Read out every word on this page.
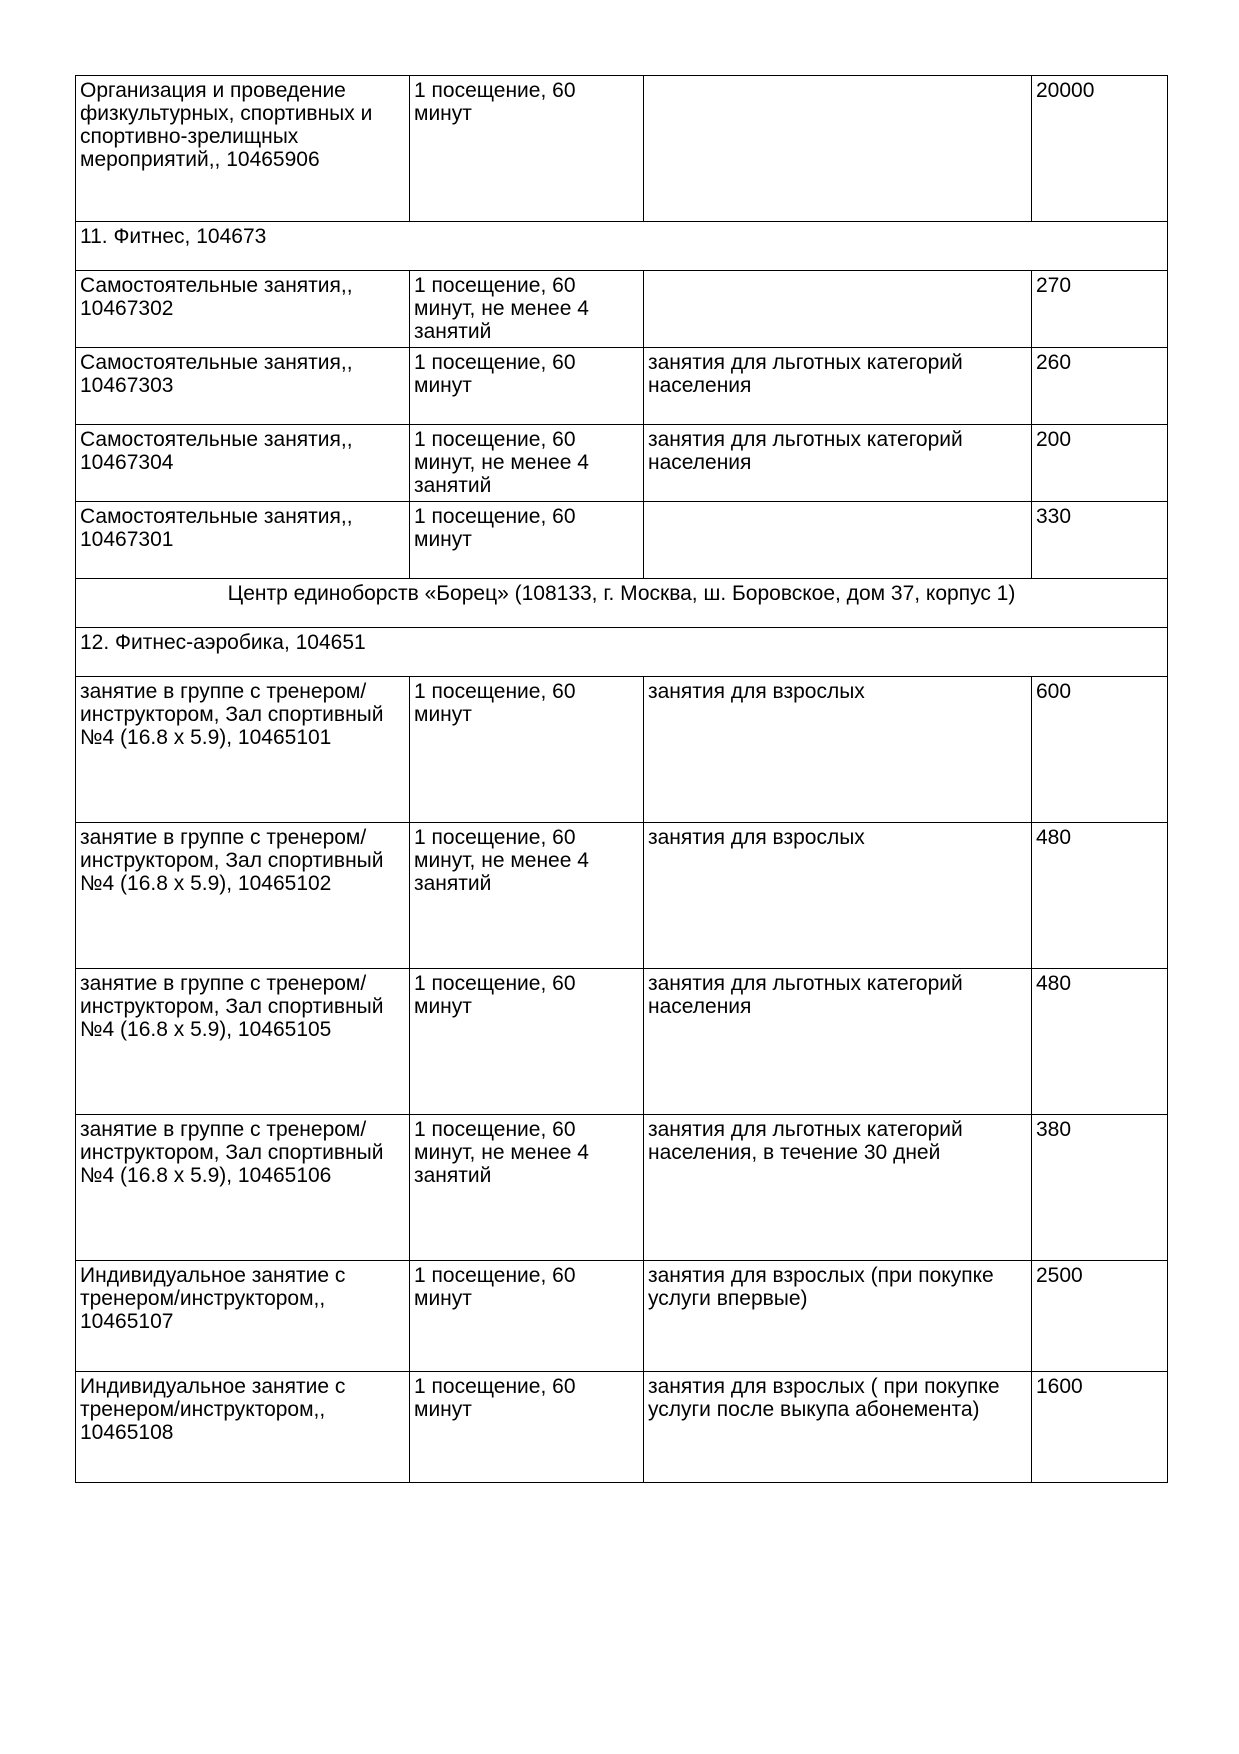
Организация и проведение физкультурных, спортивных и спортивно-зрелищных мероприятий,, 10465906	1 посещение, 60 минут		20000
11. Фитнес, 104673			
Самостоятельные занятия,, 10467302	1 посещение, 60 минут, не менее 4 занятий		270
Самостоятельные занятия,, 10467303	1 посещение, 60 минут	занятия для льготных категорий населения	260
Самостоятельные занятия,, 10467304	1 посещение, 60 минут, не менее 4 занятий	занятия для льготных категорий населения	200
Самостоятельные занятия,, 10467301	1 посещение, 60 минут		330
Центр единоборств «Борец» (108133, г. Москва, ш. Боровское, дом 37, корпус 1)			
12. Фитнес-аэробика, 104651			
занятие в группе с тренером/инструктором, Зал спортивный №4 (16.8 х 5.9), 10465101	1 посещение, 60 минут	занятия для взрослых	600
занятие в группе с тренером/инструктором, Зал спортивный №4 (16.8 х 5.9), 10465102	1 посещение, 60 минут, не менее 4 занятий	занятия для взрослых	480
занятие в группе с тренером/инструктором, Зал спортивный №4 (16.8 х 5.9), 10465105	1 посещение, 60 минут	занятия для льготных категорий населения	480
занятие в группе с тренером/инструктором, Зал спортивный №4 (16.8 х 5.9), 10465106	1 посещение, 60 минут, не менее 4 занятий	занятия для льготных категорий населения, в течение 30 дней	380
Индивидуальное занятие с тренером/инструктором,, 10465107	1 посещение, 60 минут	занятия для взрослых (при покупке услуги впервые)	2500
Индивидуальное занятие с тренером/инструктором,, 10465108	1 посещение, 60 минут	занятия для взрослых ( при покупке услуги после выкупа абонемента)	1600
